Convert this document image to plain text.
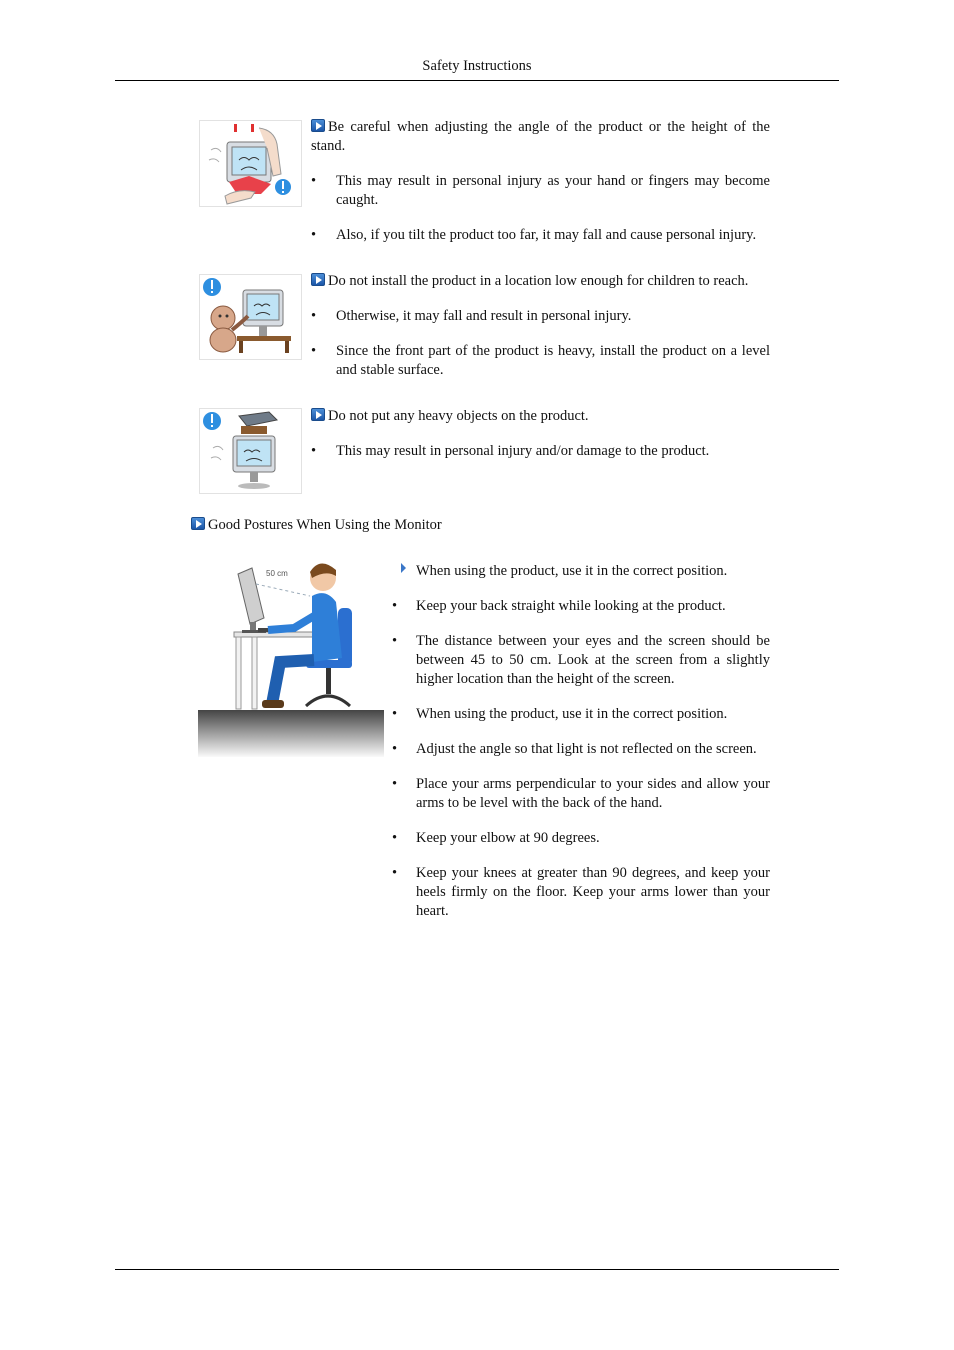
Safety Instructions

Be careful when adjusting the angle of the product or the height of the stand.

• This may result in personal injury as your hand or fingers may become caught.
• Also, if you tilt the product too far, it may fall and cause personal injury.

Do not install the product in a location low enough for children to reach.

• Otherwise, it may fall and result in personal injury.
• Since the front part of the product is heavy, install the product on a level and stable surface.

Do not put any heavy objects on the product.

• This may result in personal injury and/or damage to the product.
Good Postures When Using the Monitor
50 cm	When using the product, use it in the correct position.

• Keep your back straight while looking at the product.
• The distance between your eyes and the screen should be between 45 to 50 cm. Look at the screen from a slightly higher location than the height of the screen.
• When using the product, use it in the correct position.
• Adjust the angle so that light is not reflected on the screen.
• Place your arms perpendicular to your sides and allow your arms to be level with the back of the hand.
• Keep your elbow at 90 degrees.
• Keep your knees at greater than 90 degrees, and keep your heels firmly on the floor. Keep your arms lower than your heart.
